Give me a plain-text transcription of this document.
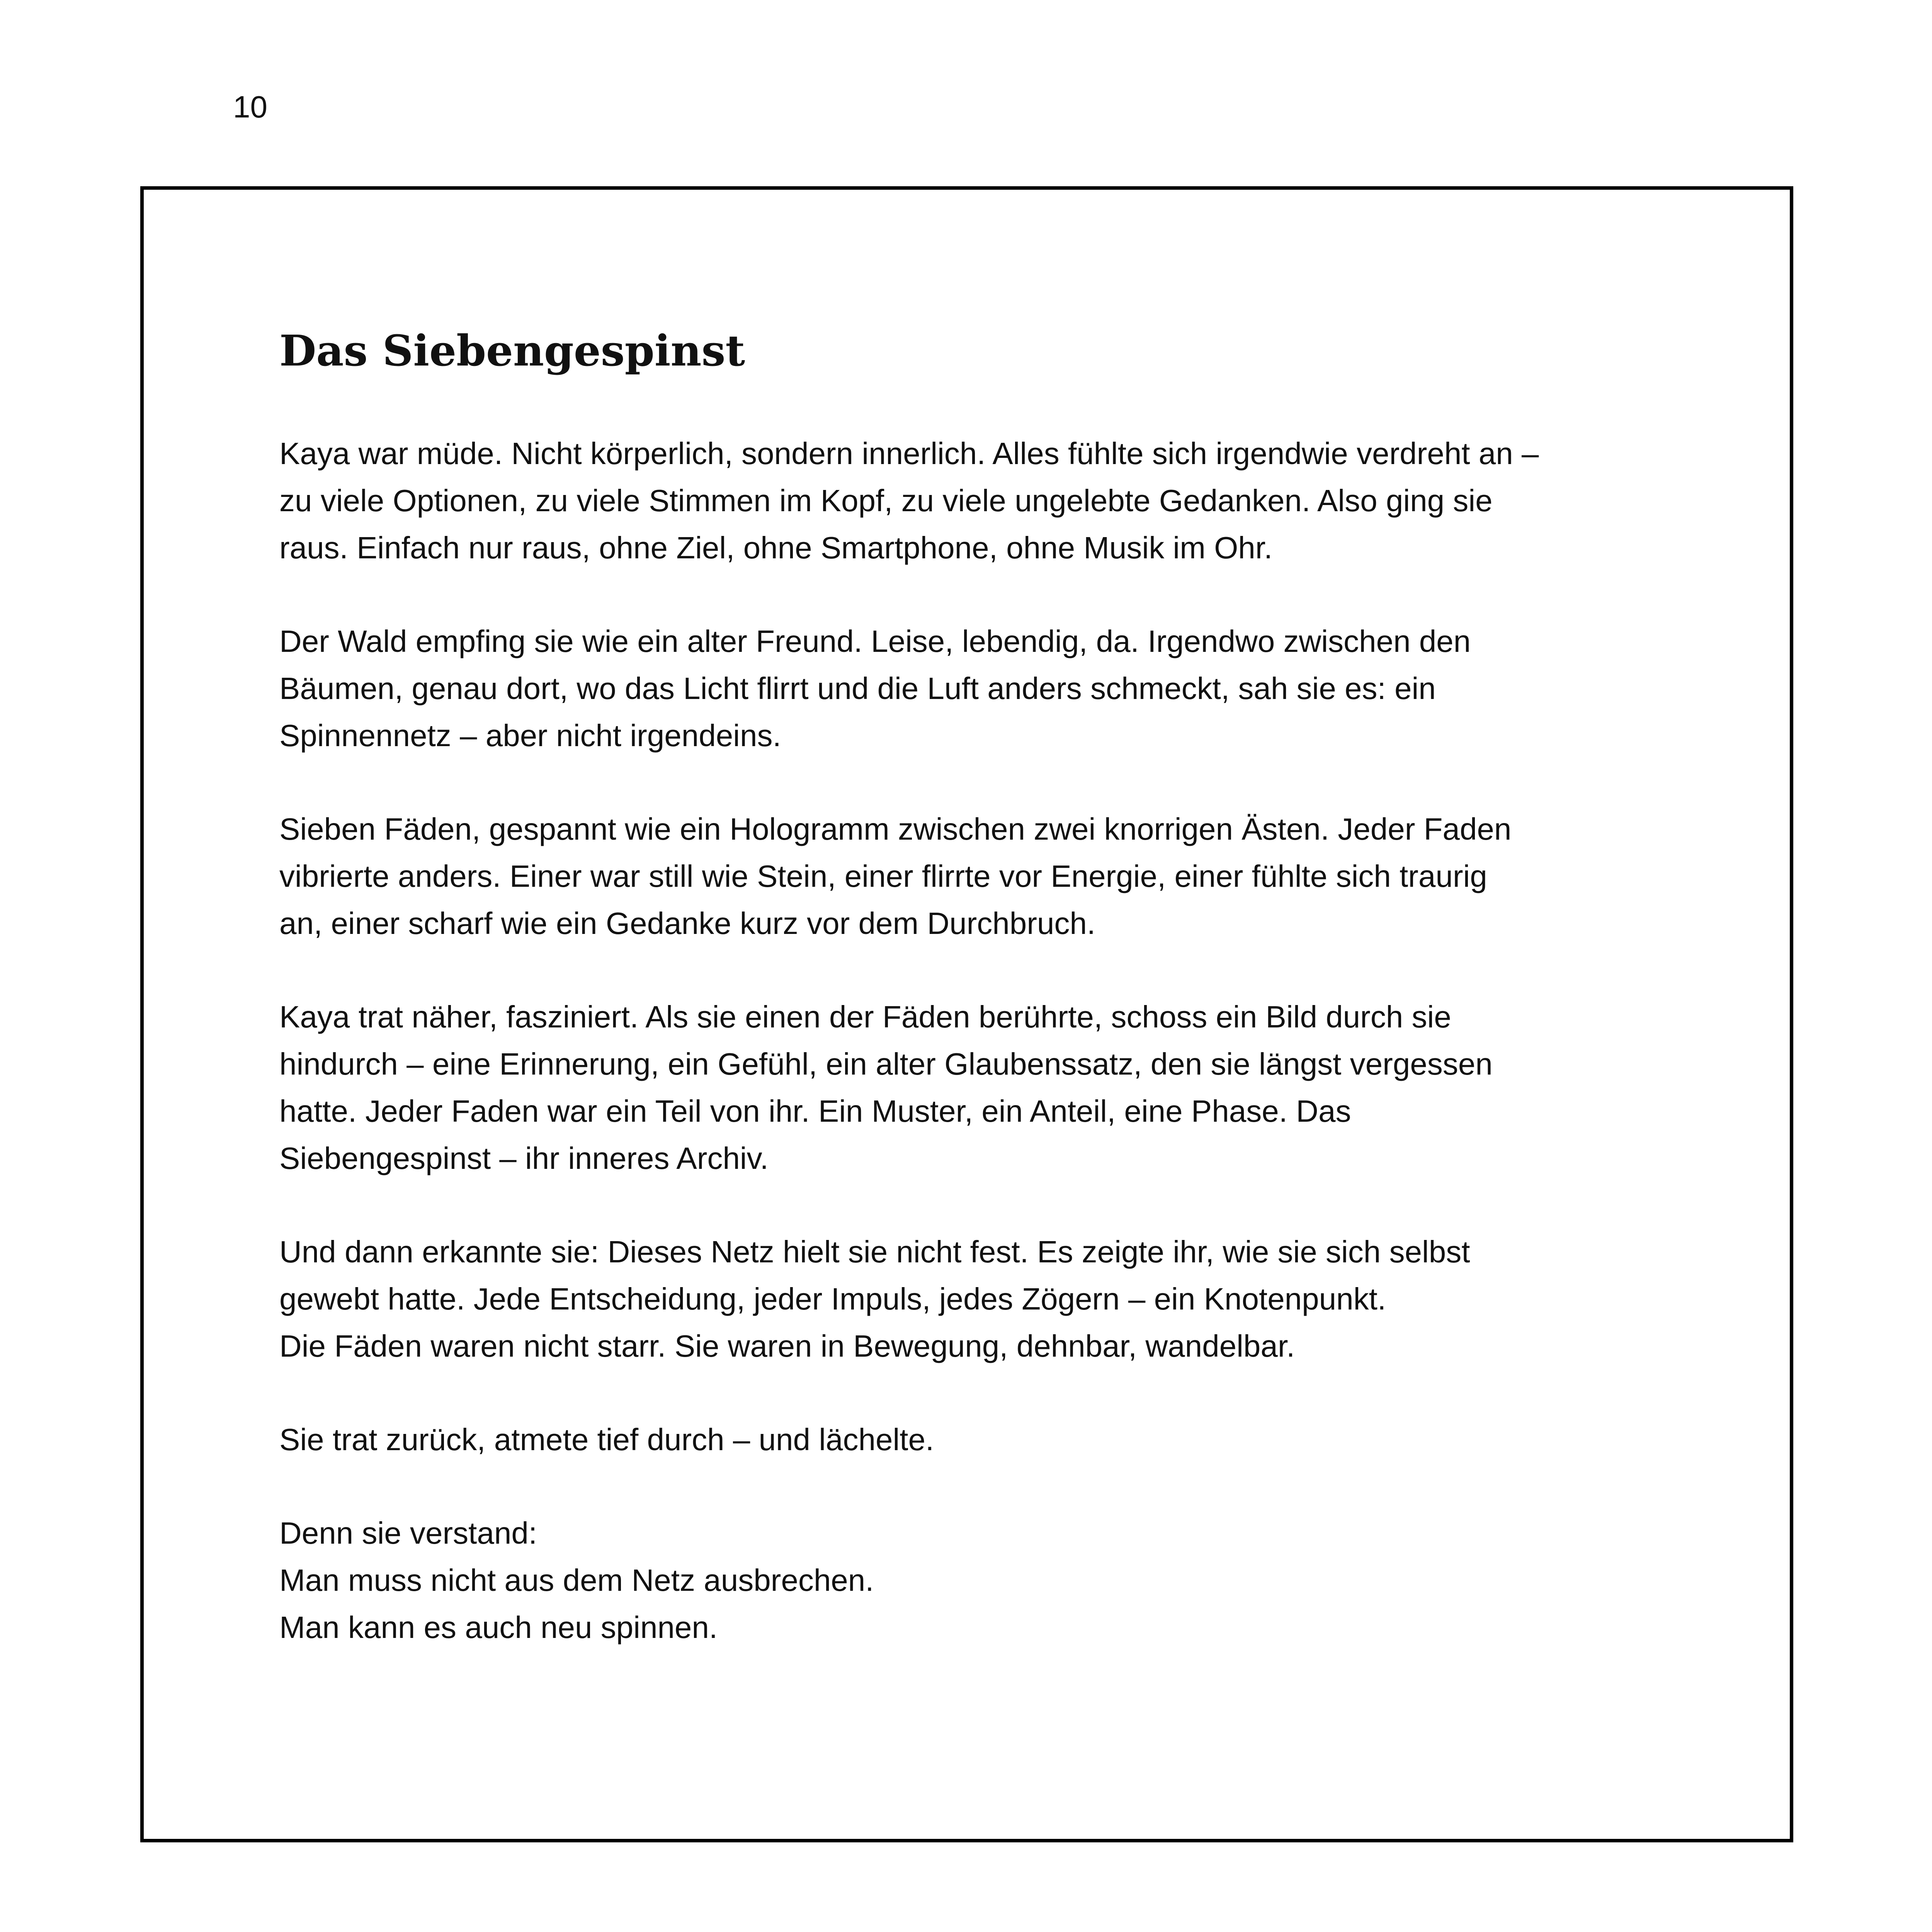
10
Das Siebengespinst

Kaya war müde. Nicht körperlich, sondern innerlich. Alles fühlte sich irgendwie verdreht an –
zu viele Optionen, zu viele Stimmen im Kopf, zu viele ungelebte Gedanken. Also ging sie
raus. Einfach nur raus, ohne Ziel, ohne Smartphone, ohne Musik im Ohr.

Der Wald empfing sie wie ein alter Freund. Leise, lebendig, da. Irgendwo zwischen den
Bäumen, genau dort, wo das Licht flirrt und die Luft anders schmeckt, sah sie es: ein
Spinnennetz – aber nicht irgendeins.

Sieben Fäden, gespannt wie ein Hologramm zwischen zwei knorrigen Ästen. Jeder Faden
vibrierte anders. Einer war still wie Stein, einer flirrte vor Energie, einer fühlte sich traurig
an, einer scharf wie ein Gedanke kurz vor dem Durchbruch.

Kaya trat näher, fasziniert. Als sie einen der Fäden berührte, schoss ein Bild durch sie
hindurch – eine Erinnerung, ein Gefühl, ein alter Glaubenssatz, den sie längst vergessen
hatte. Jeder Faden war ein Teil von ihr. Ein Muster, ein Anteil, eine Phase. Das
Siebengespinst – ihr inneres Archiv.

Und dann erkannte sie: Dieses Netz hielt sie nicht fest. Es zeigte ihr, wie sie sich selbst
gewebt hatte. Jede Entscheidung, jeder Impuls, jedes Zögern – ein Knotenpunkt.
Die Fäden waren nicht starr. Sie waren in Bewegung, dehnbar, wandelbar.

Sie trat zurück, atmete tief durch – und lächelte.

Denn sie verstand:
Man muss nicht aus dem Netz ausbrechen.
Man kann es auch neu spinnen.
